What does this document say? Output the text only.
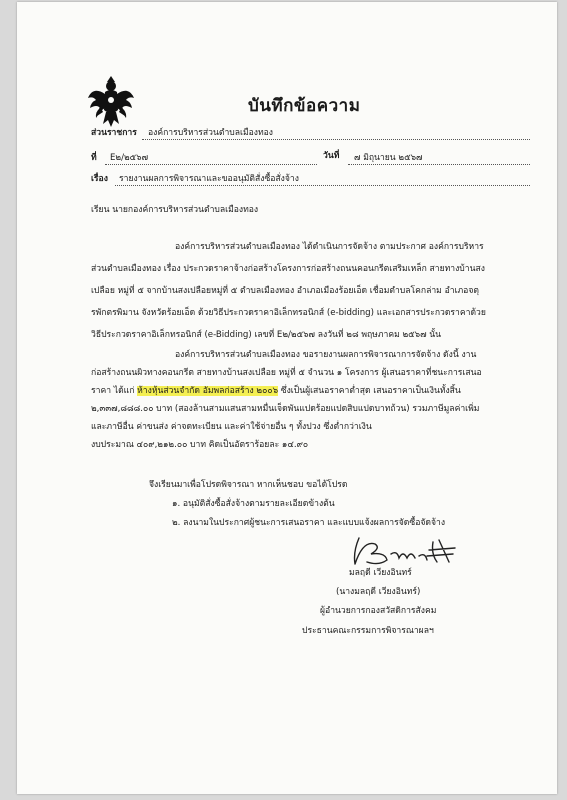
บันทึกข้อความ
ส่วนราชการ องค์การบริหารส่วนตำบลเมืองทอง
ที่ E๒/๒๕๖๗	วันที่ ๗ มิถุนายน ๒๕๖๗
เรื่อง รายงานผลการพิจารณาและขออนุมัติสั่งซื้อสั่งจ้าง
เรียน นายกองค์การบริหารส่วนตำบลเมืองทอง
องค์การบริหารส่วนตำบลเมืองทอง ได้ดำเนินการจัดจ้าง ตามประกาศ องค์การบริหาร
ส่วนตำบลเมืองทอง เรื่อง ประกวดราคาจ้างก่อสร้างโครงการก่อสร้างถนนคอนกรีตเสริมเหล็ก สายทางบ้านสง
เปลือย หมู่ที่ ๕ จากบ้านสงเปลือยหมู่ที่ ๕ ตำบลเมืองทอง อำเภอเมืองร้อยเอ็ด เชื่อมตำบลโคกล่าม อำเภอจตุ
รพักตรพิมาน จังหวัดร้อยเอ็ด ด้วยวิธีประกวดราคาอิเล็กทรอนิกส์ (e-bidding) และเอกสารประกวดราคาด้วย
วิธีประกวดราคาอิเล็กทรอนิกส์ (e-Bidding) เลขที่ E๒/๒๕๖๗ ลงวันที่ ๒๘ พฤษภาคม ๒๕๖๗ นั้น
องค์การบริหารส่วนตำบลเมืองทอง ขอรายงานผลการพิจารณาการจัดจ้าง ดังนี้ งาน
ก่อสร้างถนนผิวทางคอนกรีต สายทางบ้านสงเปลือย หมู่ที่ ๕ จำนวน ๑ โครงการ ผู้เสนอราคาที่ชนะการเสนอ
ราคา ได้แก่ ห้างหุ้นส่วนจำกัด อัมพลก่อสร้าง ๒๐๐๖ ซึ่งเป็นผู้เสนอราคาต่ำสุด เสนอราคาเป็นเงินทั้งสิ้น
๒,๓๓๗,๘๘๘.๐๐ บาท (สองล้านสามแสนสามหมื่นเจ็ดพันแปดร้อยแปดสิบแปดบาทถ้วน) รวมภาษีมูลค่าเพิ่ม
และภาษีอื่น ค่าขนส่ง ค่าจดทะเบียน และค่าใช้จ่ายอื่น ๆ ทั้งปวง ซึ่งต่ำกว่าเงิน
งบประมาณ ๔๐๙,๒๑๒.๐๐ บาท คิดเป็นอัตราร้อยละ ๑๔.๙๐
จึงเรียนมาเพื่อโปรดพิจารณา หากเห็นชอบ ขอได้โปรด
๑. อนุมัติสั่งซื้อสั่งจ้างตามรายละเอียดข้างต้น
๒. ลงนามในประกาศผู้ชนะการเสนอราคา และแบบแจ้งผลการจัดซื้อจัดจ้าง
มลฤดี เวียงอินทร์
(นางมลฤดี เวียงอินทร์)
ผู้อำนวยการกองสวัสดิการสังคม
ประธานคณะกรรมการพิจารณาผลฯ
